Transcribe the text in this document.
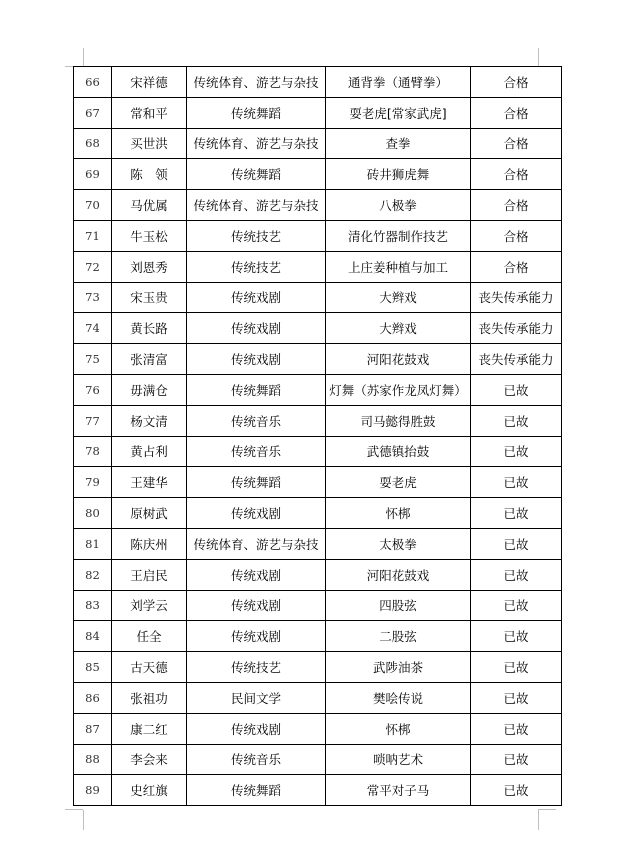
66	宋祥德	传统体育、游艺与杂技	通背拳（通臂拳）	合格
67	常和平	传统舞蹈	耍老虎[常家武虎]	合格
68	买世洪	传统体育、游艺与杂技	查拳	合格
69	陈　领	传统舞蹈	砖井狮虎舞	合格
70	马优属	传统体育、游艺与杂技	八极拳	合格
71	牛玉松	传统技艺	清化竹器制作技艺	合格
72	刘恩秀	传统技艺	上庄姜种植与加工	合格
73	宋玉贵	传统戏剧	大辫戏	丧失传承能力
74	黄长路	传统戏剧	大辫戏	丧失传承能力
75	张清富	传统戏剧	河阳花鼓戏	丧失传承能力
76	毋满仓	传统舞蹈	灯舞（苏家作龙凤灯舞）	已故
77	杨文清	传统音乐	司马懿得胜鼓	已故
78	黄占利	传统音乐	武德镇抬鼓	已故
79	王建华	传统舞蹈	耍老虎	已故
80	原树武	传统戏剧	怀梆	已故
81	陈庆州	传统体育、游艺与杂技	太极拳	已故
82	王启民	传统戏剧	河阳花鼓戏	已故
83	刘学云	传统戏剧	四股弦	已故
84	任全	传统戏剧	二股弦	已故
85	古天德	传统技艺	武陟油茶	已故
86	张祖功	民间文学	樊哙传说	已故
87	康二红	传统戏剧	怀梆	已故
88	李会来	传统音乐	唢呐艺术	已故
89	史红旗	传统舞蹈	常平对子马	已故
